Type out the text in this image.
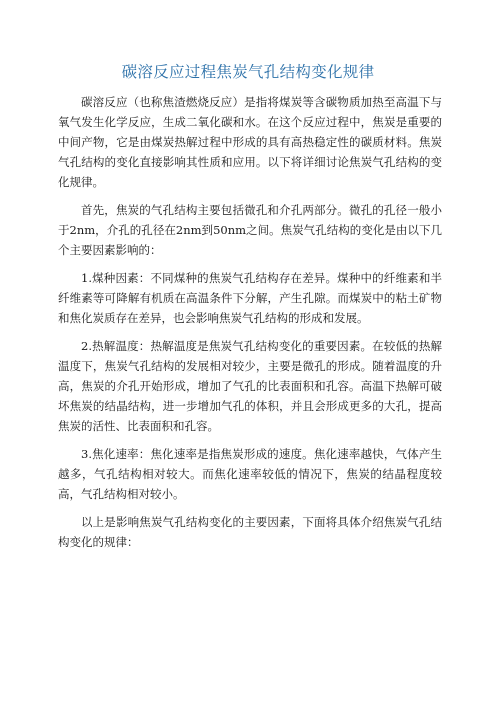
碳溶反应过程焦炭气孔结构变化规律

碳溶反应（也称焦渣燃烧反应）是指将煤炭等含碳物质加热至高温下与氧气发生化学反应，生成二氧化碳和水。在这个反应过程中，焦炭是重要的中间产物，它是由煤炭热解过程中形成的具有高热稳定性的碳质材料。焦炭气孔结构的变化直接影响其性质和应用。以下将详细讨论焦炭气孔结构的变化规律。

首先，焦炭的气孔结构主要包括微孔和介孔两部分。微孔的孔径一般小于2nm，介孔的孔径在2nm到50nm之间。焦炭气孔结构的变化是由以下几个主要因素影响的：

1.煤种因素：不同煤种的焦炭气孔结构存在差异。煤种中的纤维素和半纤维素等可降解有机质在高温条件下分解，产生孔隙。而煤炭中的粘土矿物和焦化炭质存在差异，也会影响焦炭气孔结构的形成和发展。

2.热解温度：热解温度是焦炭气孔结构变化的重要因素。在较低的热解温度下，焦炭气孔结构的发展相对较少，主要是微孔的形成。随着温度的升高，焦炭的介孔开始形成，增加了气孔的比表面积和孔容。高温下热解可破坏焦炭的结晶结构，进一步增加气孔的体积，并且会形成更多的大孔，提高焦炭的活性、比表面积和孔容。

3.焦化速率：焦化速率是指焦炭形成的速度。焦化速率越快，气体产生越多，气孔结构相对较大。而焦化速率较低的情况下，焦炭的结晶程度较高，气孔结构相对较小。

以上是影响焦炭气孔结构变化的主要因素，下面将具体介绍焦炭气孔结构变化的规律：
